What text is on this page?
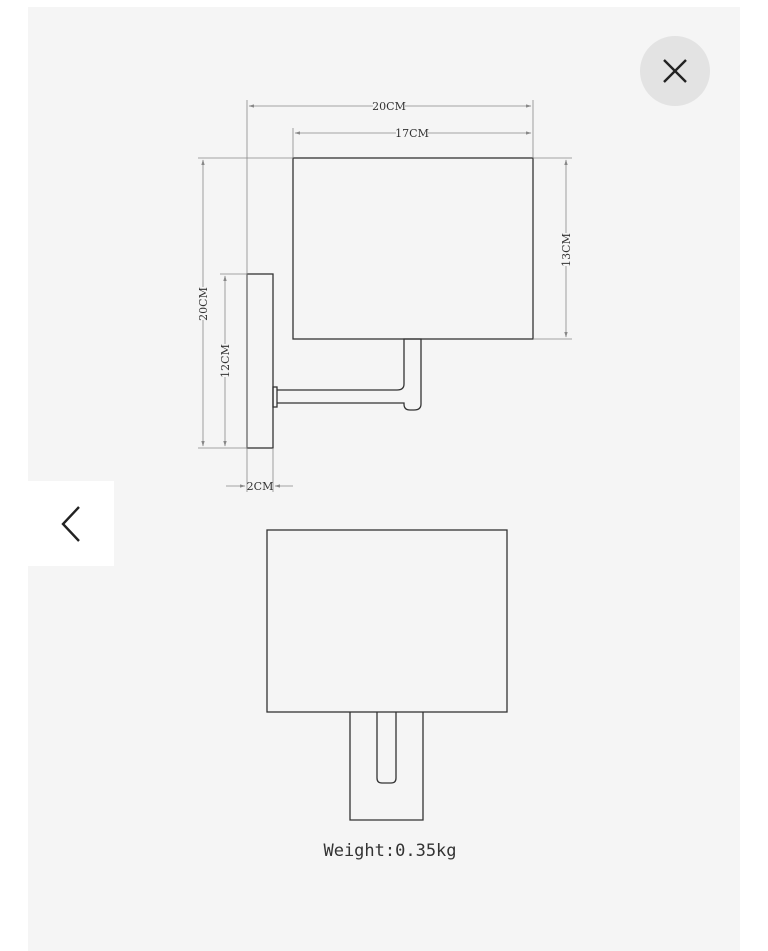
20CM
17CM
13CM
20CM
12CM
2CM
Weight:0.35kg
